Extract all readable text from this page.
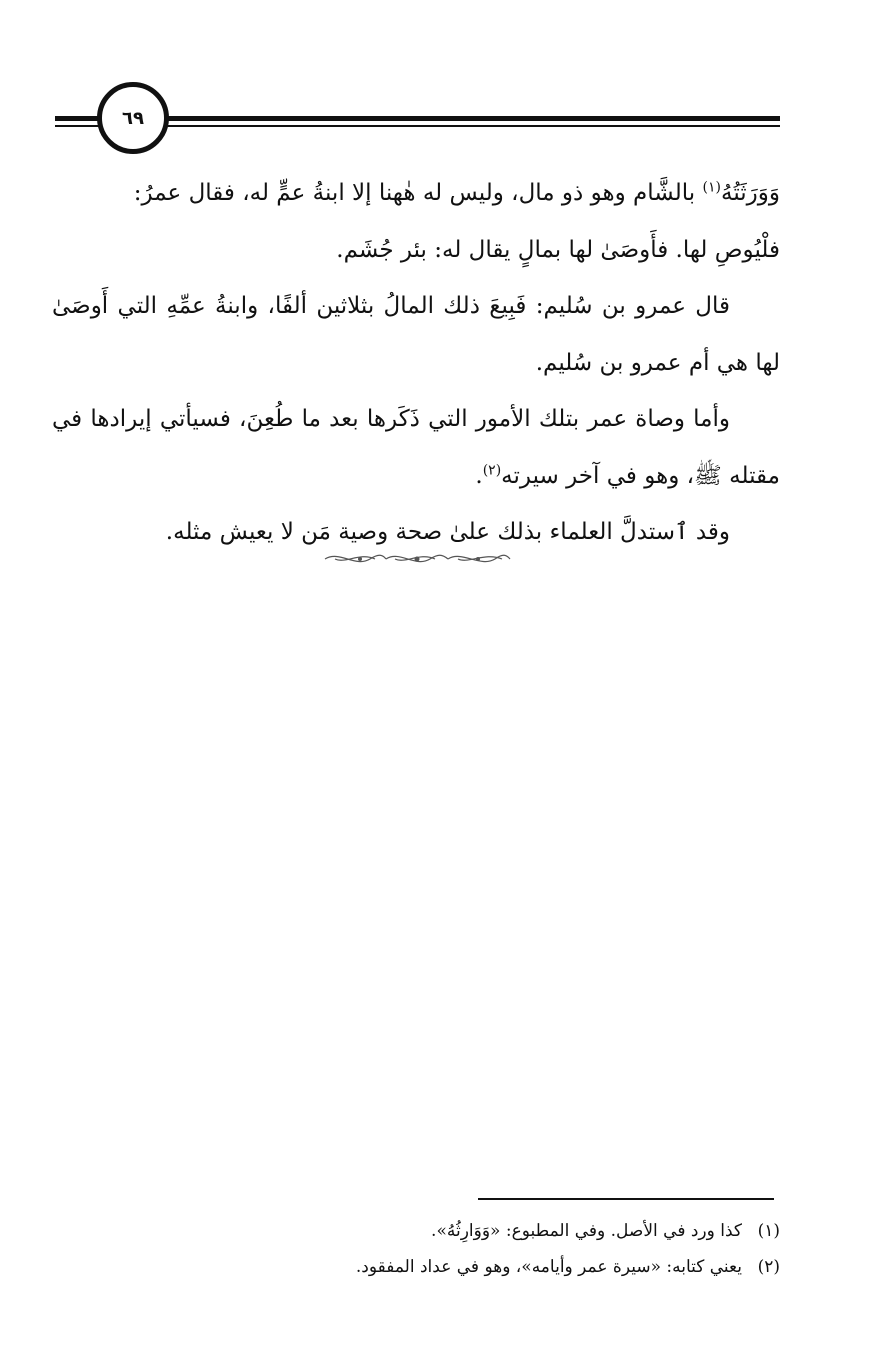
٦٩

وَوَرَثَتُهُ$^{(١)}$ بالشَّام وهو ذو مال، وليس له هٰهنا إلا ابنةُ عمٍّ له، فقال عمرُ:

فلْيُوصِ لها. فأَوصَىٰ لها بمالٍ يقال له: بئر جُشَم.

قال عمرو بن سُليم: فَبِيعَ ذلك المالُ بثلاثين ألفًا، وابنةُ عمِّهِ التي أَوصَىٰ لها هي أم عمرو بن سُليم.

وأما وصاة عمر بتلك الأمور التي ذَكَرها بعد ما طُعِنَ، فسيأتي إيرادها في مقتله ﷺ، وهو في آخر سيرته$^{(٢)}$.

وقد ٱستدلَّ العلماء بذلك علىٰ صحة وصية مَن لا يعيش مثله.

(١)كذا ورد في الأصل. وفي المطبوع: «وَوَارِثُهُ».
(٢)يعني كتابه: «سيرة عمر وأيامه»، وهو في عداد المفقود.
